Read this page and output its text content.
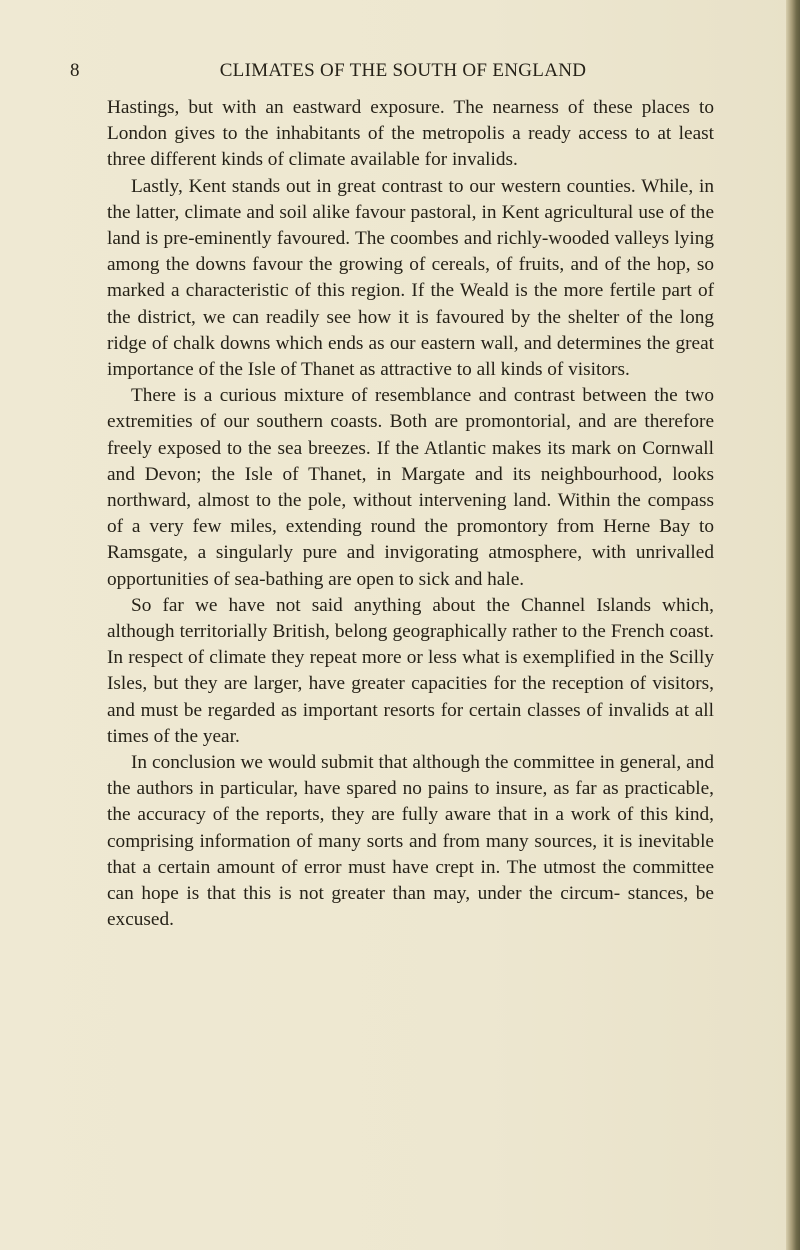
8	CLIMATES OF THE SOUTH OF ENGLAND

Hastings, but with an eastward exposure. The nearness of these places to London gives to the inhabitants of the metropolis a ready access to at least three different kinds of climate available for invalids.

Lastly, Kent stands out in great contrast to our western counties. While, in the latter, climate and soil alike favour pastoral, in Kent agricultural use of the land is pre-eminently favoured. The coombes and richly-wooded valleys lying among the downs favour the growing of cereals, of fruits, and of the hop, so marked a characteristic of this region. If the Weald is the more fertile part of the district, we can readily see how it is favoured by the shelter of the long ridge of chalk downs which ends as our eastern wall, and determines the great importance of the Isle of Thanet as attractive to all kinds of visitors.

There is a curious mixture of resemblance and contrast between the two extremities of our southern coasts. Both are promontorial, and are therefore freely exposed to the sea breezes. If the Atlantic makes its mark on Cornwall and Devon; the Isle of Thanet, in Margate and its neighbourhood, looks northward, almost to the pole, without intervening land. Within the compass of a very few miles, extending round the promontory from Herne Bay to Ramsgate, a singularly pure and invigorating atmosphere, with unrivalled opportunities of sea-bathing are open to sick and hale.

So far we have not said anything about the Channel Islands which, although territorially British, belong geographically rather to the French coast. In respect of climate they repeat more or less what is exemplified in the Scilly Isles, but they are larger, have greater capacities for the reception of visitors, and must be regarded as important resorts for certain classes of invalids at all times of the year.

In conclusion we would submit that although the committee in general, and the authors in particular, have spared no pains to insure, as far as practicable, the accuracy of the reports, they are fully aware that in a work of this kind, comprising information of many sorts and from many sources, it is inevitable that a certain amount of error must have crept in. The utmost the committee can hope is that this is not greater than may, under the circum- stances, be excused.
